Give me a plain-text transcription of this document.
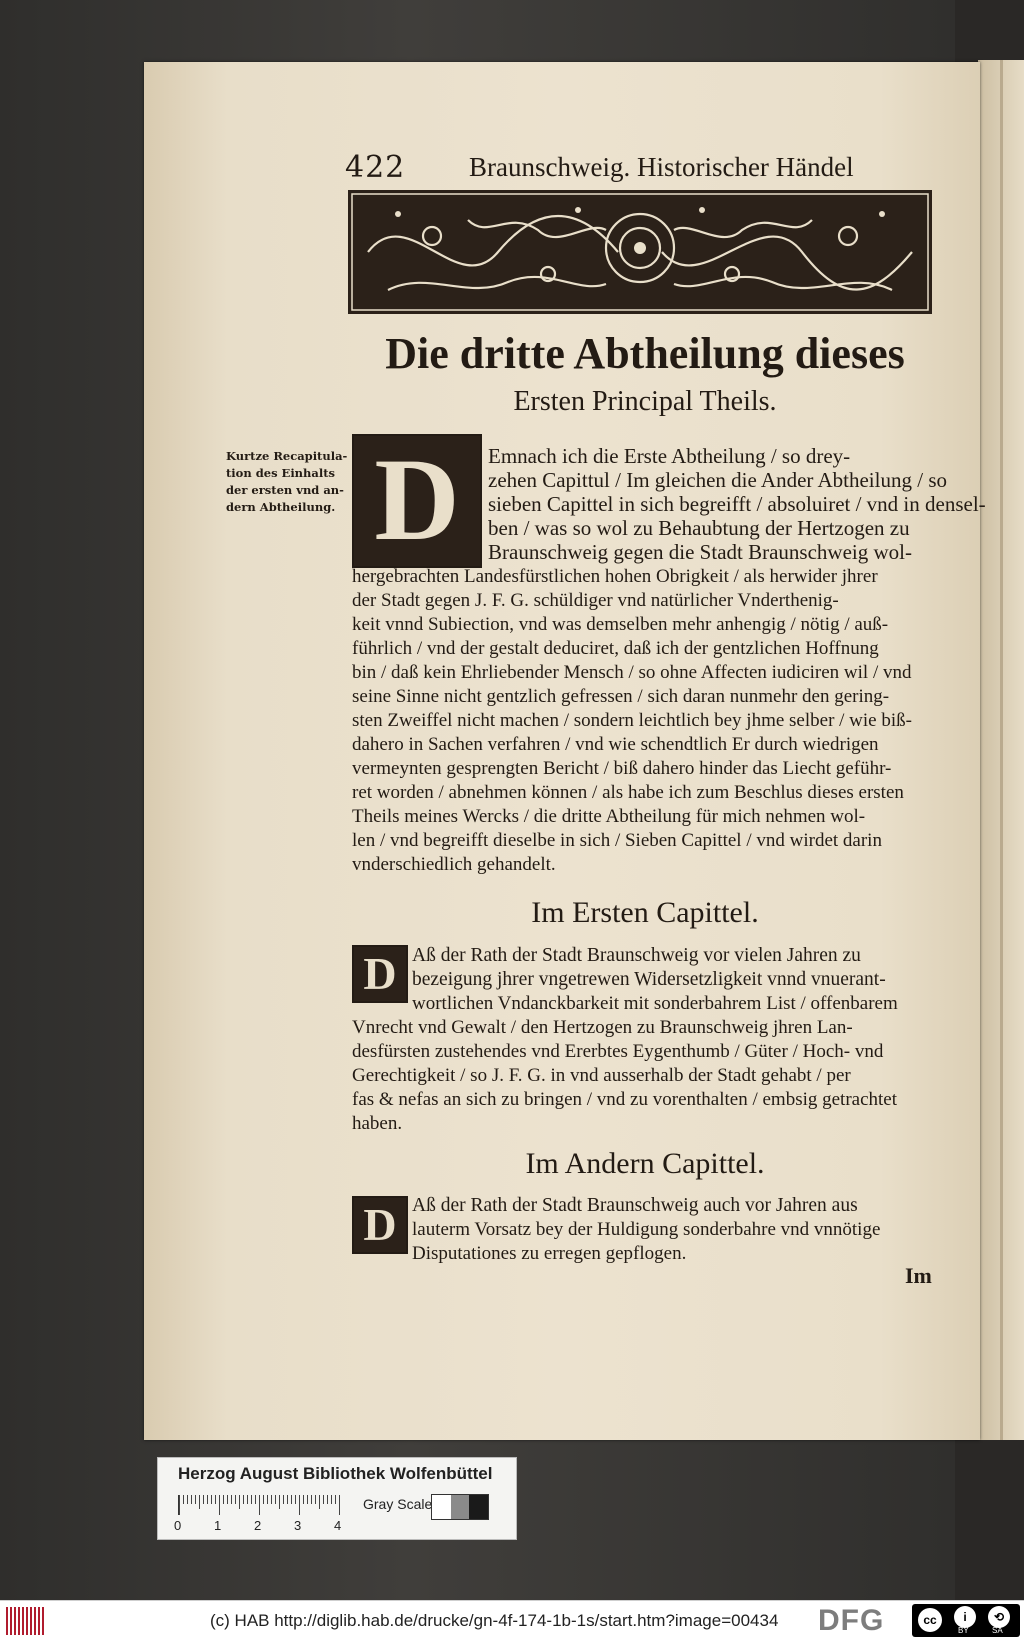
422 Braunschweig. Historischer Händel
Die dritte Abtheilung dieses
Ersten Principal Theils.
Kurtze Recapitula-
tion des Einhalts
der ersten vnd an-
dern Abtheilung. D	Emnach ich die Erste Abtheilung / so drey-
zehen Capittul / Im gleichen die Ander Abtheilung / so
sieben Capittel in sich begreifft / absoluiret / vnd in densel-
ben / was so wol zu Behaubtung der Hertzogen zu
Braunschweig gegen die Stadt Braunschweig wol-
hergebrachten Landesfürstlichen hohen Obrigkeit / als herwider jhrer
der Stadt gegen J. F. G. schüldiger vnd natürlicher Vnderthenig-
keit vnnd Subiection, vnd was demselben mehr anhengig / nötig / auß-
führlich / vnd der gestalt deduciret, daß ich der gentzlichen Hoffnung
bin / daß kein Ehrliebender Mensch / so ohne Affecten iudiciren wil / vnd
seine Sinne nicht gentzlich gefressen / sich daran nunmehr den gering-
sten Zweiffel nicht machen / sondern leichtlich bey jhme selber / wie biß-
dahero in Sachen verfahren / vnd wie schendtlich Er durch wiedrigen
vermeynten gesprengten Bericht / biß dahero hinder das Liecht geführ-
ret worden / abnehmen können / als habe ich zum Beschlus dieses ersten
Theils meines Wercks / die dritte Abtheilung für mich nehmen wol-
len / vnd begreifft dieselbe in sich / Sieben Capittel / vnd wirdet darin
vnderschiedlich gehandelt.
Im Ersten Capittel.
D Aß der Rath der Stadt Braunschweig vor vielen Jahren zu
bezeigung jhrer vngetrewen Widersetzligkeit vnnd vnuerant-
wortlichen Vndanckbarkeit mit sonderbahrem List / offenbarem
Vnrecht vnd Gewalt / den Hertzogen zu Braunschweig jhren Lan-
desfürsten zustehendes vnd Ererbtes Eygenthumb / Güter / Hoch- vnd
Gerechtigkeit / so J. F. G. in vnd ausserhalb der Stadt gehabt / per
fas & nefas an sich zu bringen / vnd zu vorenthalten / embsig getrachtet
haben.
Im Andern Capittel.
D Aß der Rath der Stadt Braunschweig auch vor Jahren aus
lauterm Vorsatz bey der Huldigung sonderbahre vnd vnnötige
Disputationes zu erregen gepflogen.
Im
Herzog August Bibliothek Wolfenbüttel
0	1	2	3	4
Gray Scale
(c) HAB http://diglib.hab.de/drucke/gn-4f-174-1b-1s/start.htm?image=00434 DFG	cc	i	⟲
BY	SA
